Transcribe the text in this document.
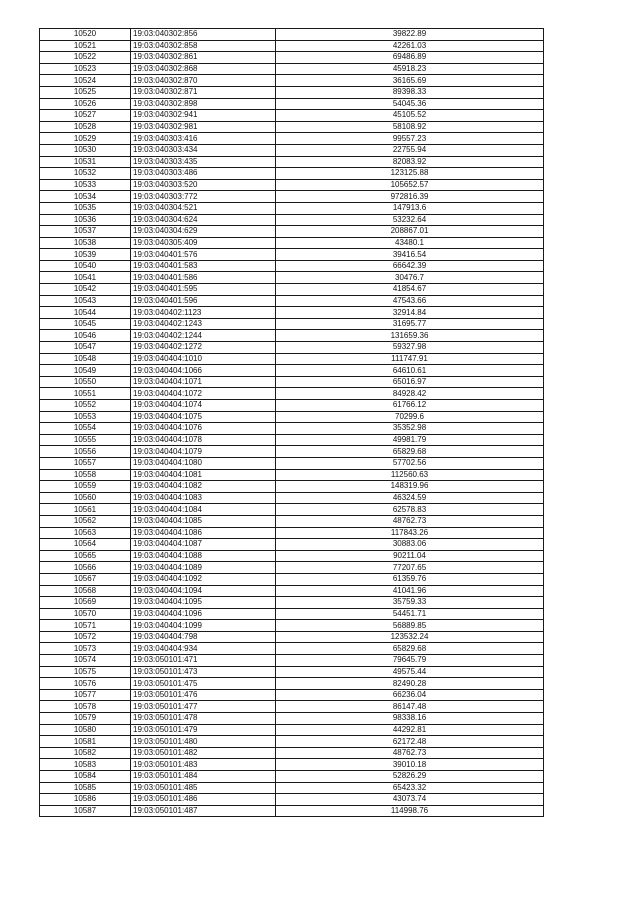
10520	19:03:040302:856	39822.89
10521	19:03:040302:858	42261.03
10522	19:03:040302:861	69486.89
10523	19:03:040302:868	45918.23
10524	19:03:040302:870	36165.69
10525	19:03:040302:871	89398.33
10526	19:03:040302:898	54045.36
10527	19:03:040302:941	45105.52
10528	19:03:040302:981	58108.92
10529	19:03:040303:416	99557.23
10530	19:03:040303:434	22755.94
10531	19:03:040303:435	82083.92
10532	19:03:040303:486	123125.88
10533	19:03:040303:520	105652.57
10534	19:03:040303:772	972816.39
10535	19:03:040304:521	147913.6
10536	19:03:040304:624	53232.64
10537	19:03:040304:629	208867.01
10538	19:03:040305:409	43480.1
10539	19:03:040401:576	39416.54
10540	19:03:040401:583	66642.39
10541	19:03:040401:586	30476.7
10542	19:03:040401:595	41854.67
10543	19:03:040401:596	47543.66
10544	19:03:040402:1123	32914.84
10545	19:03:040402:1243	31695.77
10546	19:03:040402:1244	131659.36
10547	19:03:040402:1272	59327.98
10548	19:03:040404:1010	111747.91
10549	19:03:040404:1066	64610.61
10550	19:03:040404:1071	65016.97
10551	19:03:040404:1072	84928.42
10552	19:03:040404:1074	61766.12
10553	19:03:040404:1075	70299.6
10554	19:03:040404:1076	35352.98
10555	19:03:040404:1078	49981.79
10556	19:03:040404:1079	65829.68
10557	19:03:040404:1080	57702.56
10558	19:03:040404:1081	112560.63
10559	19:03:040404:1082	148319.96
10560	19:03:040404:1083	46324.59
10561	19:03:040404:1084	62578.83
10562	19:03:040404:1085	48762.73
10563	19:03:040404:1086	117843.26
10564	19:03:040404:1087	30883.06
10565	19:03:040404:1088	90211.04
10566	19:03:040404:1089	77207.65
10567	19:03:040404:1092	61359.76
10568	19:03:040404:1094	41041.96
10569	19:03:040404:1095	35759.33
10570	19:03:040404:1096	54451.71
10571	19:03:040404:1099	56889.85
10572	19:03:040404:798	123532.24
10573	19:03:040404:934	65829.68
10574	19:03:050101:471	79645.79
10575	19:03:050101:473	49575.44
10576	19:03:050101:475	82490.28
10577	19:03:050101:476	66236.04
10578	19:03:050101:477	86147.48
10579	19:03:050101:478	98338.16
10580	19:03:050101:479	44292.81
10581	19:03:050101:480	62172.48
10582	19:03:050101:482	48762.73
10583	19:03:050101:483	39010.18
10584	19:03:050101:484	52826.29
10585	19:03:050101:485	65423.32
10586	19:03:050101:486	43073.74
10587	19:03:050101:487	114998.76
